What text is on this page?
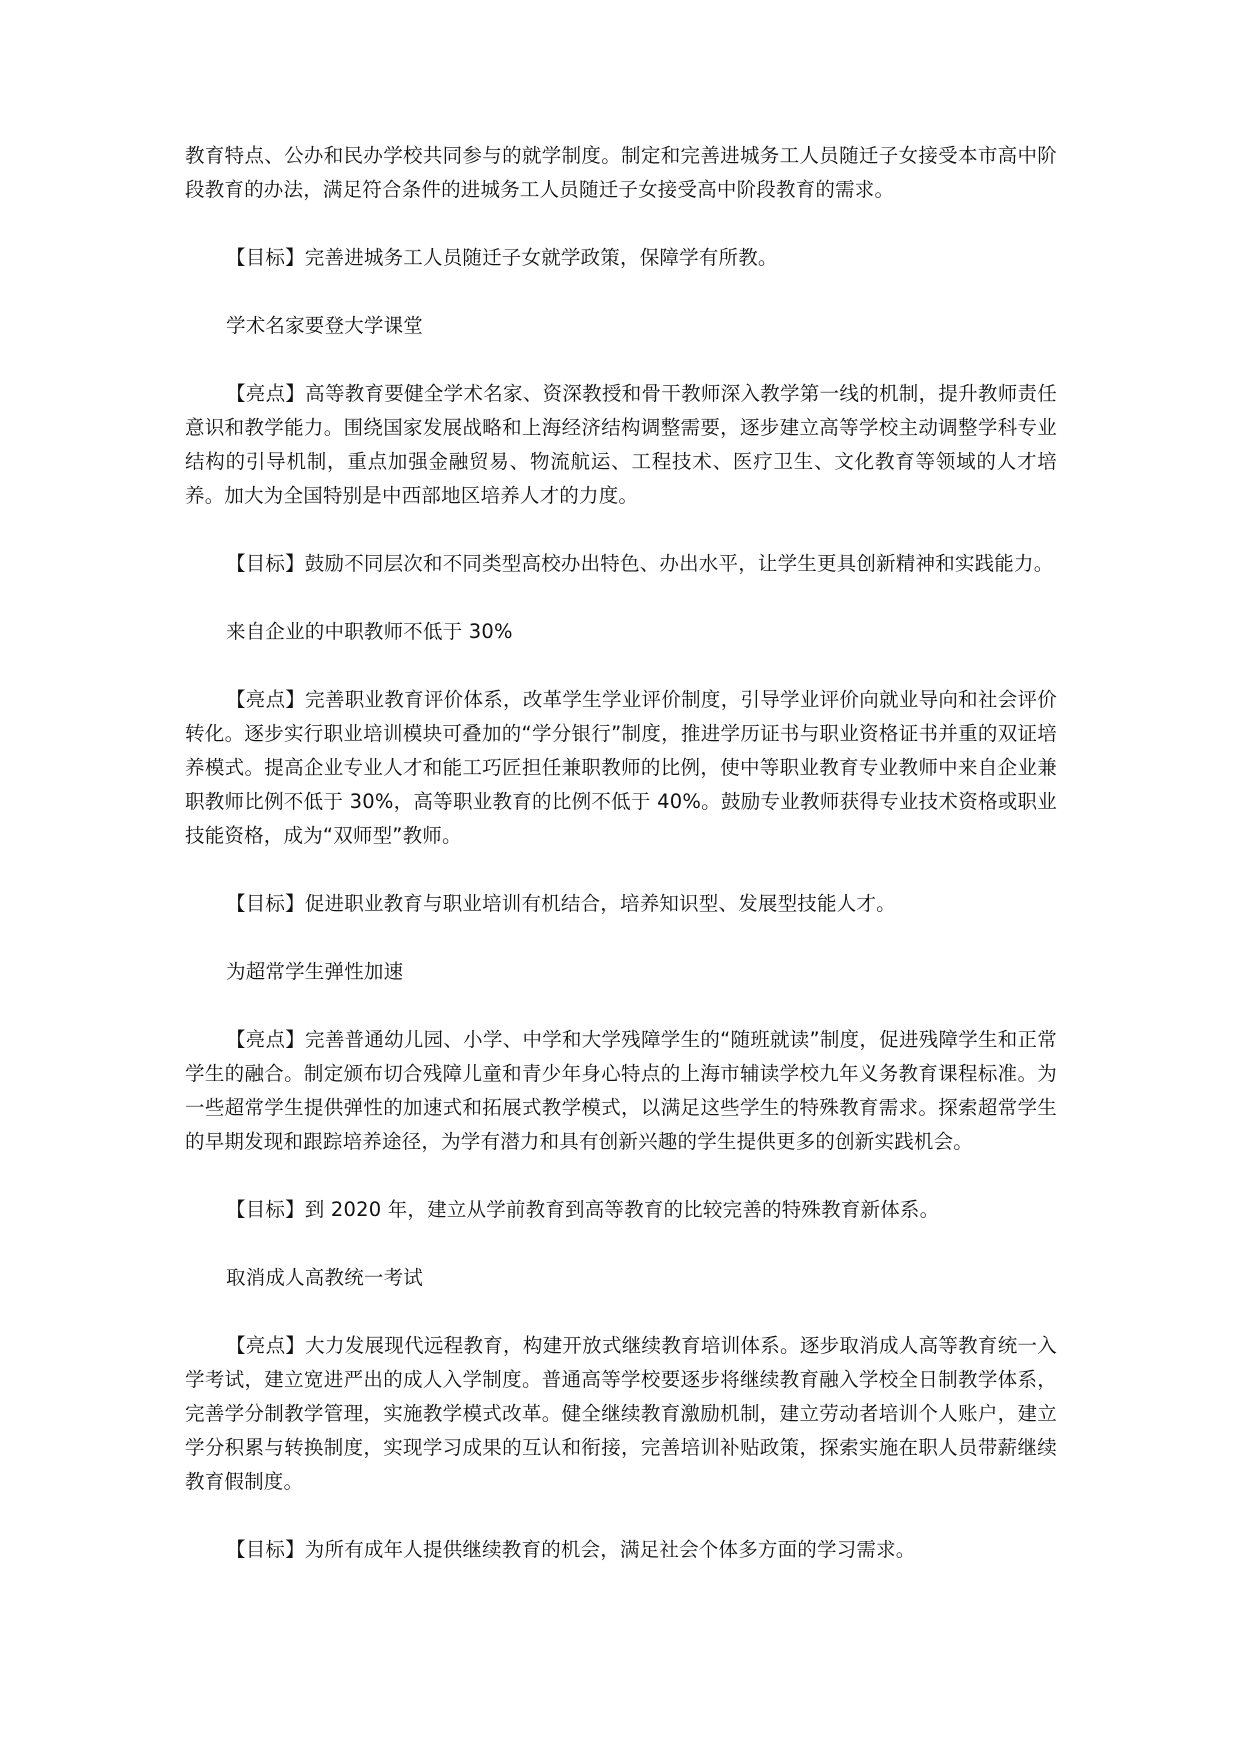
教育特点、公办和民办学校共同参与的就学制度。制定和完善进城务工人员随迁子女接受本市高中阶段教育的办法，满足符合条件的进城务工人员随迁子女接受高中阶段教育的需求。

【目标】完善进城务工人员随迁子女就学政策，保障学有所教。

学术名家要登大学课堂

【亮点】高等教育要健全学术名家、资深教授和骨干教师深入教学第一线的机制，提升教师责任意识和教学能力。围绕国家发展战略和上海经济结构调整需要，逐步建立高等学校主动调整学科专业结构的引导机制，重点加强金融贸易、物流航运、工程技术、医疗卫生、文化教育等领域的人才培养。加大为全国特别是中西部地区培养人才的力度。

【目标】鼓励不同层次和不同类型高校办出特色、办出水平，让学生更具创新精神和实践能力。

来自企业的中职教师不低于 30%

【亮点】完善职业教育评价体系，改革学生学业评价制度，引导学业评价向就业导向和社会评价转化。逐步实行职业培训模块可叠加的“学分银行”制度，推进学历证书与职业资格证书并重的双证培养模式。提高企业专业人才和能工巧匠担任兼职教师的比例，使中等职业教育专业教师中来自企业兼职教师比例不低于 30%，高等职业教育的比例不低于 40%。鼓励专业教师获得专业技术资格或职业技能资格，成为“双师型”教师。

【目标】促进职业教育与职业培训有机结合，培养知识型、发展型技能人才。

为超常学生弹性加速

【亮点】完善普通幼儿园、小学、中学和大学残障学生的“随班就读”制度，促进残障学生和正常学生的融合。制定颁布切合残障儿童和青少年身心特点的上海市辅读学校九年义务教育课程标准。为一些超常学生提供弹性的加速式和拓展式教学模式，以满足这些学生的特殊教育需求。探索超常学生的早期发现和跟踪培养途径，为学有潜力和具有创新兴趣的学生提供更多的创新实践机会。

【目标】到 2020 年，建立从学前教育到高等教育的比较完善的特殊教育新体系。

取消成人高教统一考试

【亮点】大力发展现代远程教育，构建开放式继续教育培训体系。逐步取消成人高等教育统一入学考试，建立宽进严出的成人入学制度。普通高等学校要逐步将继续教育融入学校全日制教学体系，完善学分制教学管理，实施教学模式改革。健全继续教育激励机制，建立劳动者培训个人账户，建立学分积累与转换制度，实现学习成果的互认和衔接，完善培训补贴政策，探索实施在职人员带薪继续教育假制度。

【目标】为所有成年人提供继续教育的机会，满足社会个体多方面的学习需求。
